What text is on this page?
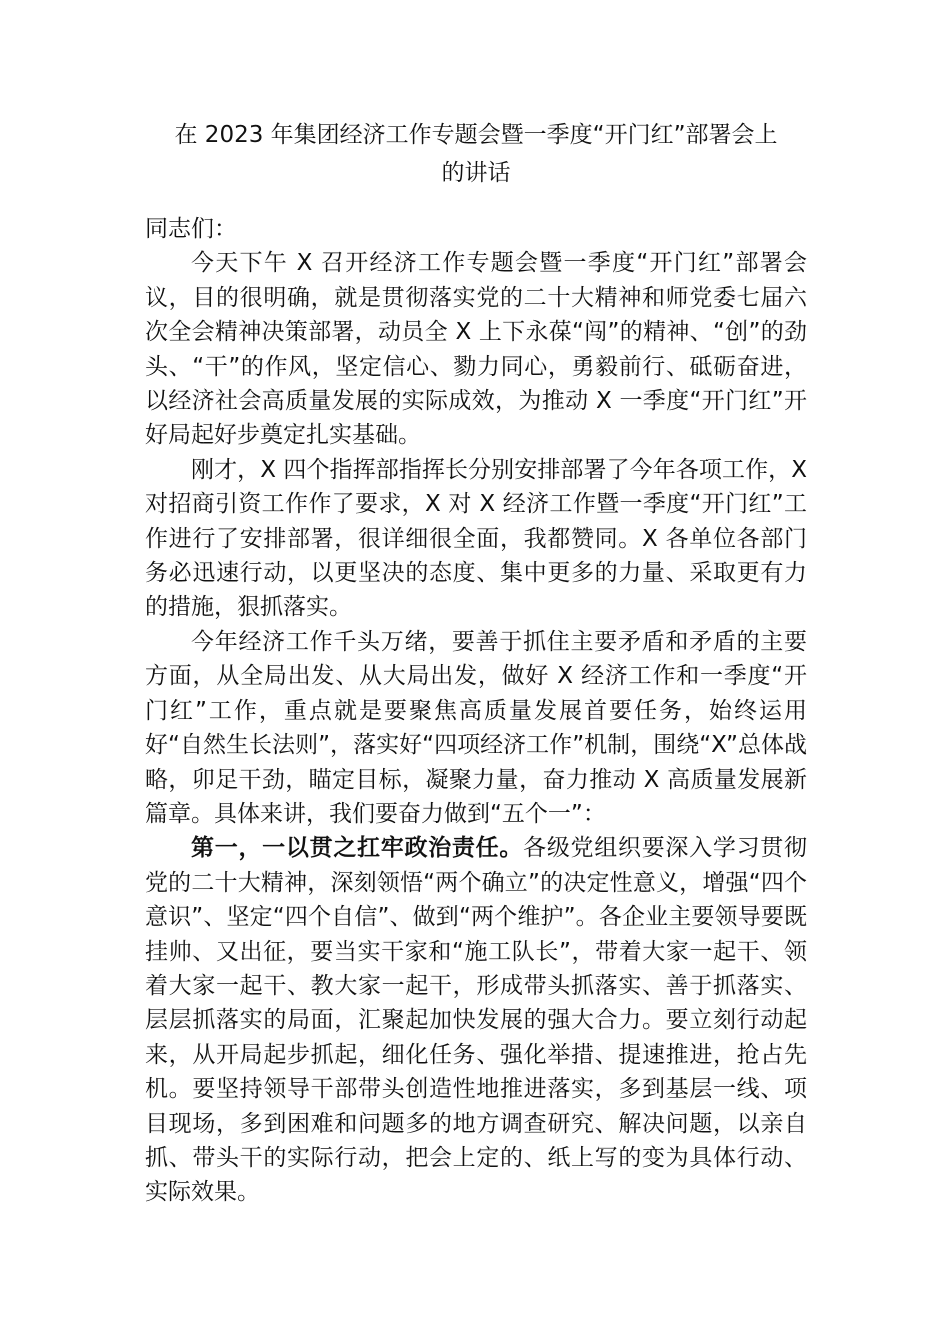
在 2023 年集团经济工作专题会暨一季度“开门红”部署会上
的讲话

同志们：

今天下午 X 召开经济工作专题会暨一季度“开门红”部署会议，目的很明确，就是贯彻落实党的二十大精神和师党委七届六次全会精神决策部署，动员全 X 上下永葆“闯”的精神、“创”的劲头、“干”的作风，坚定信心、勠力同心，勇毅前行、砥砺奋进，以经济社会高质量发展的实际成效，为推动 X 一季度“开门红”开好局起好步奠定扎实基础。

刚才，X 四个指挥部指挥长分别安排部署了今年各项工作，X 对招商引资工作作了要求，X 对 X 经济工作暨一季度“开门红”工作进行了安排部署，很详细很全面，我都赞同。X 各单位各部门务必迅速行动，以更坚决的态度、集中更多的力量、采取更有力的措施，狠抓落实。

今年经济工作千头万绪，要善于抓住主要矛盾和矛盾的主要方面，从全局出发、从大局出发，做好 X 经济工作和一季度“开门红”工作，重点就是要聚焦高质量发展首要任务，始终运用好“自然生长法则”，落实好“四项经济工作”机制，围绕“X”总体战略，卯足干劲，瞄定目标，凝聚力量，奋力推动 X 高质量发展新篇章。具体来讲，我们要奋力做到“五个一”：

第一，一以贯之扛牢政治责任。各级党组织要深入学习贯彻党的二十大精神，深刻领悟“两个确立”的决定性意义，增强“四个意识”、坚定“四个自信”、做到“两个维护”。各企业主要领导要既挂帅、又出征，要当实干家和“施工队长”，带着大家一起干、领着大家一起干、教大家一起干，形成带头抓落实、善于抓落实、层层抓落实的局面，汇聚起加快发展的强大合力。要立刻行动起来，从开局起步抓起，细化任务、强化举措、提速推进，抢占先机。要坚持领导干部带头创造性地推进落实，多到基层一线、项目现场，多到困难和问题多的地方调查研究、解决问题，以亲自抓、带头干的实际行动，把会上定的、纸上写的变为具体行动、实际效果。
